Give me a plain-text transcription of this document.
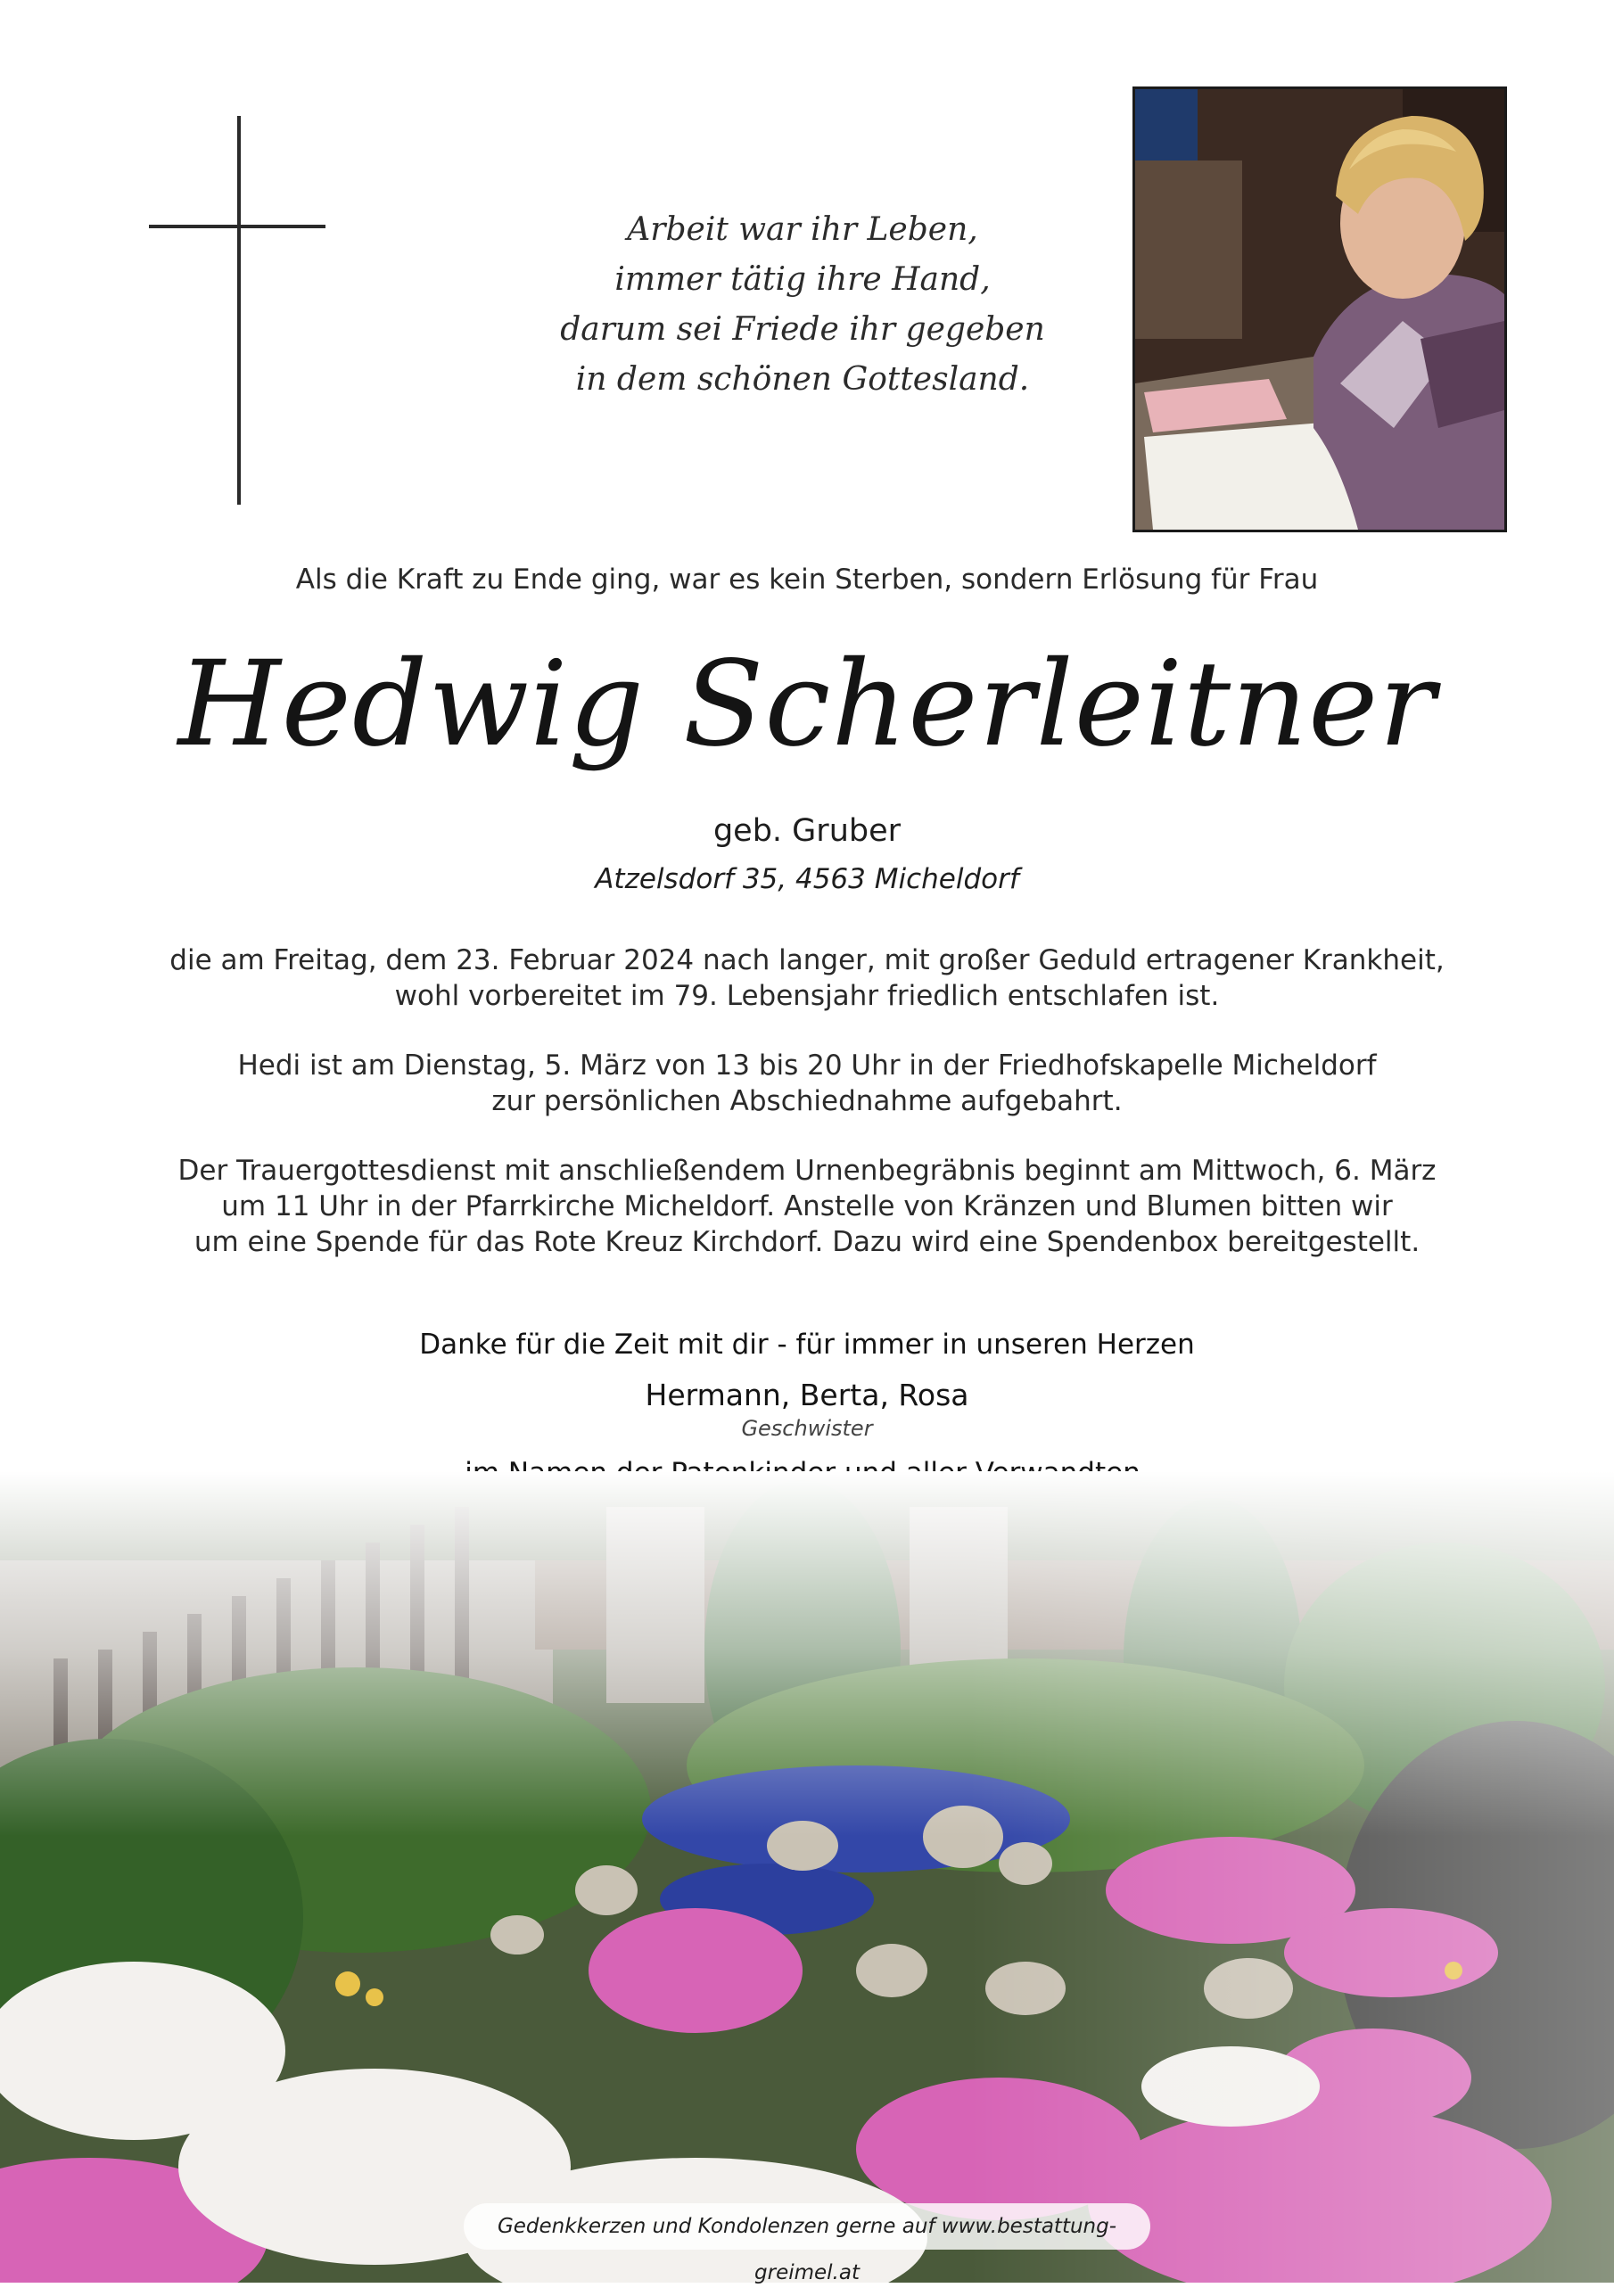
Arbeit war ihr Leben,
immer tätig ihre Hand,
darum sei Friede ihr gegeben
in dem schönen Gottesland.
Als die Kraft zu Ende ging, war es kein Sterben, sondern Erlösung für Frau
Hedwig Scherleitner
geb. Gruber
Atzelsdorf 35, 4563 Micheldorf
die am Freitag, dem 23. Februar 2024 nach langer, mit großer Geduld ertragener Krankheit,
wohl vorbereitet im 79. Lebensjahr friedlich entschlafen ist.
Hedi ist am Dienstag, 5. März von 13 bis 20 Uhr in der Friedhofskapelle Micheldorf
zur persönlichen Abschiednahme aufgebahrt.
Der Trauergottesdienst mit anschließendem Urnenbegräbnis beginnt am Mittwoch, 6. März
um 11 Uhr in der Pfarrkirche Micheldorf. Anstelle von Kränzen und Blumen bitten wir
um eine Spende für das Rote Kreuz Kirchdorf. Dazu wird eine Spendenbox bereitgestellt.
Danke für die Zeit mit dir - für immer in unseren Herzen
Hermann, Berta, Rosa
Geschwister
Gedenkkerzen und Kondolenzen gerne auf www.bestattung-greimel.at
